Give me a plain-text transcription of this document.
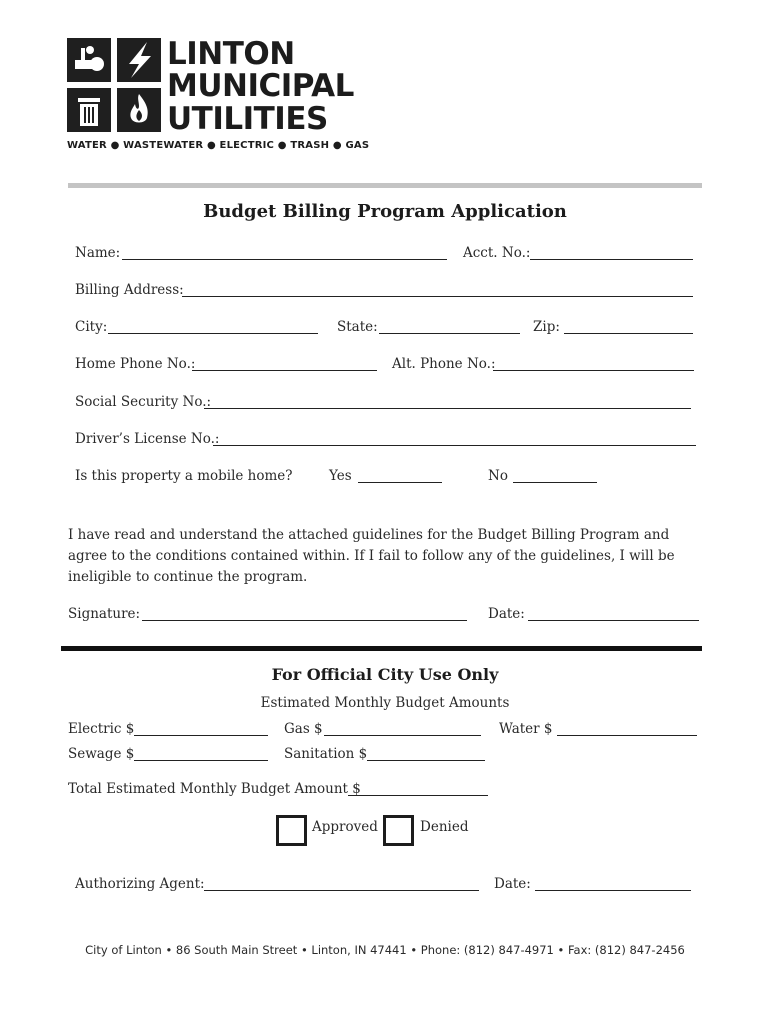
LINTON
MUNICIPAL
UTILITIES
WATER ● WASTEWATER ● ELECTRIC ● TRASH ● GAS
Budget Billing Program Application
Name:	Acct. No.:
Billing Address:
City:	State:	Zip:
Home Phone No.:	Alt. Phone No.:
Social Security No.:
Driver’s License No.:
Is this property a mobile home?	Yes	No
I have read and understand the attached guidelines for the Budget Billing Program and agree to the conditions contained within. If I fail to follow any of the guidelines, I will be ineligible to continue the program.
Signature:	Date:
For Official City Use Only
Estimated Monthly Budget Amounts
Electric $	Gas $	Water $
Sewage $	Sanitation $
Total Estimated Monthly Budget Amount $
Approved	Denied
Authorizing Agent:	Date:
City of Linton • 86 South Main Street • Linton, IN 47441 • Phone: (812) 847-4971 • Fax: (812) 847-2456
